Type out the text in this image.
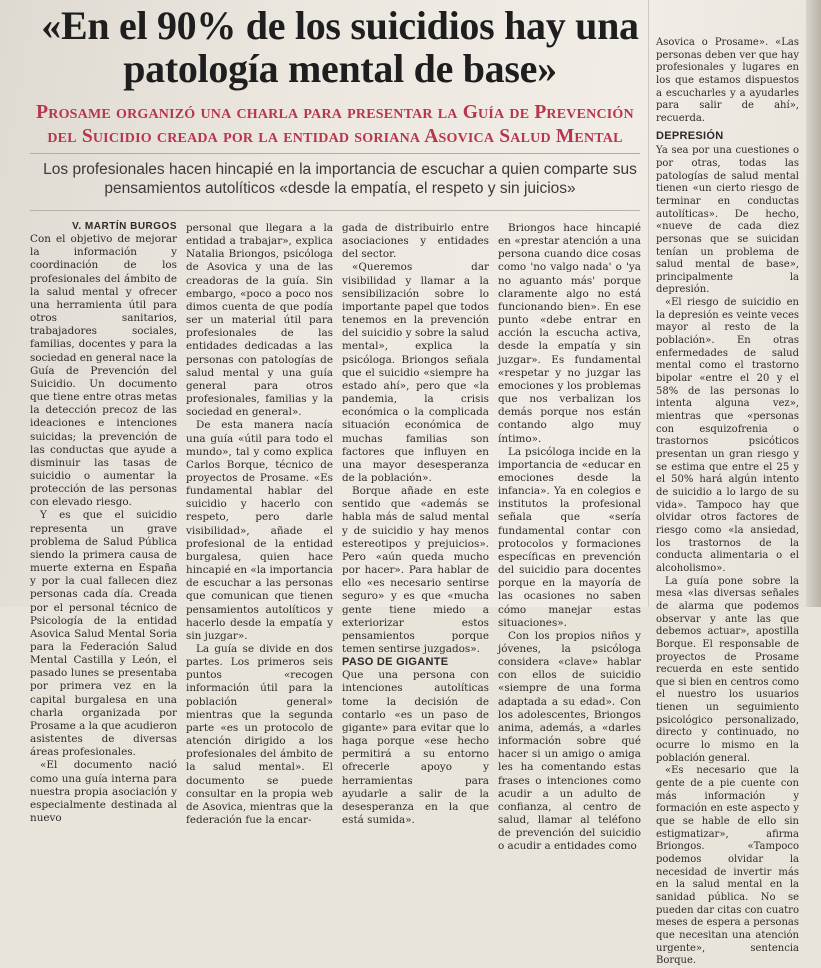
«En el 90% de los suicidios hay una patología mental de base»
Prosame organizó una charla para presentar la Guía de Prevención del Suicidio creada por la entidad soriana Asovica Salud Mental

Los profesionales hacen hincapié en la importancia de escuchar a quien comparte sus pensamientos autolíticos «desde la empatía, el respeto y sin juicios»

V. MARTÍN BURGOS

Con el objetivo de mejorar la información y coordinación de los profesionales del ámbito de la salud mental y ofrecer una herramienta útil para otros sanitarios, trabajadores sociales, familias, docentes y para la sociedad en general nace la Guía de Prevención del Suicidio. Un documento que tiene entre otras metas la detección precoz de las ideaciones e intenciones suicidas; la prevención de las conductas que ayude a disminuir las tasas de suicidio o aumentar la protección de las personas con elevado riesgo.

Y es que el suicidio representa un grave problema de Salud Pública siendo la primera causa de muerte externa en España y por la cual fallecen diez personas cada día. Creada por el personal técnico de Psicología de la entidad Asovica Salud Mental Soria para la Federación Salud Mental Castilla y León, el pasado lunes se presentaba por primera vez en la capital burgalesa en una charla organizada por Prosame a la que acudieron asistentes de diversas áreas profesionales.

«El documento nació como una guía interna para nuestra propia asociación y especialmente destinada al nuevo

personal que llegara a la entidad a trabajar», explica Natalia Briongos, psicóloga de Asovica y una de las creadoras de la guía. Sin embargo, «poco a poco nos dimos cuenta de que podía ser un material útil para profesionales de las entidades dedicadas a las personas con patologías de salud mental y una guía general para otros profesionales, familias y la sociedad en general».

De esta manera nacía una guía «útil para todo el mundo», tal y como explica Carlos Borque, técnico de proyectos de Prosame. «Es fundamental hablar del suicidio y hacerlo con respeto, pero darle visibilidad», añade el profesional de la entidad burgalesa, quien hace hincapié en «la importancia de escuchar a las personas que comunican que tienen pensamientos autolíticos y hacerlo desde la empatía y sin juzgar».

La guía se divide en dos partes. Los primeros seis puntos «recogen información útil para la población general» mientras que la segunda parte «es un protocolo de atención dirigido a los profesionales del ámbito de la salud mental». El documento se puede consultar en la propia web de Asovica, mientras que la federación fue la encar-

gada de distribuirlo entre asociaciones y entidades del sector.

«Queremos dar visibilidad y llamar a la sensibilización sobre lo importante papel que todos tenemos en la prevención del suicidio y sobre la salud mental», explica la psicóloga. Briongos señala que el suicidio «siempre ha estado ahí», pero que «la pandemia, la crisis económica o la complicada situación económica de muchas familias son factores que influyen en una mayor desesperanza de la población».

Borque añade en este sentido que «además se habla más de salud mental y de suicidio y hay menos estereotipos y prejuicios». Pero «aún queda mucho por hacer». Para hablar de ello «es necesario sentirse seguro» y es que «mucha gente tiene miedo a exteriorizar estos pensamientos porque temen sentirse juzgados».

PASO DE GIGANTE

Que una persona con intenciones autolíticas tome la decisión de contarlo «es un paso de gigante» para evitar que lo haga porque «ese hecho permitirá a su entorno ofrecerle apoyo y herramientas para ayudarle a salir de la desesperanza en la que está sumida».

Briongos hace hincapié en «prestar atención a una persona cuando dice cosas como 'no valgo nada' o 'ya no aguanto más' porque claramente algo no está funcionando bien». En ese punto «debe entrar en acción la escucha activa, desde la empatía y sin juzgar». Es fundamental «respetar y no juzgar las emociones y los problemas que nos verbalizan los demás porque nos están contando algo muy íntimo».

La psicóloga incide en la importancia de «educar en emociones desde la infancia». Ya en colegios e institutos la profesional señala que «sería fundamental contar con protocolos y formaciones específicas en prevención del suicidio para docentes porque en la mayoría de las ocasiones no saben cómo manejar estas situaciones».

Con los propios niños y jóvenes, la psicóloga considera «clave» hablar con ellos de suicidio «siempre de una forma adaptada a su edad». Con los adolescentes, Briongos anima, además, a «darles información sobre qué hacer si un amigo o amiga les ha comentando estas frases o intenciones como acudir a un adulto de confianza, al centro de salud, llamar al teléfono de prevención del suicidio o acudir a entidades como

Asovica o Prosame». «Las personas deben ver que hay profesionales y lugares en los que estamos dispuestos a escucharles y a ayudarles para salir de ahí», recuerda.

DEPRESIÓN

Ya sea por una cuestiones o por otras, todas las patologías de salud mental tienen «un cierto riesgo de terminar en conductas autolíticas». De hecho, «nueve de cada diez personas que se suicidan tenían un problema de salud mental de base», principalmente la depresión.

«El riesgo de suicidio en la depresión es veinte veces mayor al resto de la población». En otras enfermedades de salud mental como el trastorno bipolar «entre el 20 y el 58% de las personas lo intenta alguna vez», mientras que «personas con esquizofrenia o trastornos psicóticos presentan un gran riesgo y se estima que entre el 25 y el 50% hará algún intento de suicidio a lo largo de su vida». Tampoco hay que olvidar otros factores de riesgo como «la ansiedad, los trastornos de la conducta alimentaria o el alcoholismo».

La guía pone sobre la mesa «las diversas señales de alarma que podemos observar y ante las que debemos actuar», apostilla Borque. El responsable de proyectos de Prosame recuerda en este sentido que si bien en centros como el nuestro los usuarios tienen un seguimiento psicológico personalizado, directo y continuado, no ocurre lo mismo en la población general.

«Es necesario que la gente de a pie cuente con más información y formación en este aspecto y que se hable de ello sin estigmatizar», afirma Briongos. «Tampoco podemos olvidar la necesidad de invertir más en la salud mental en la sanidad pública. No se pueden dar citas con cuatro meses de espera a personas que necesitan una atención urgente», sentencia Borque.
